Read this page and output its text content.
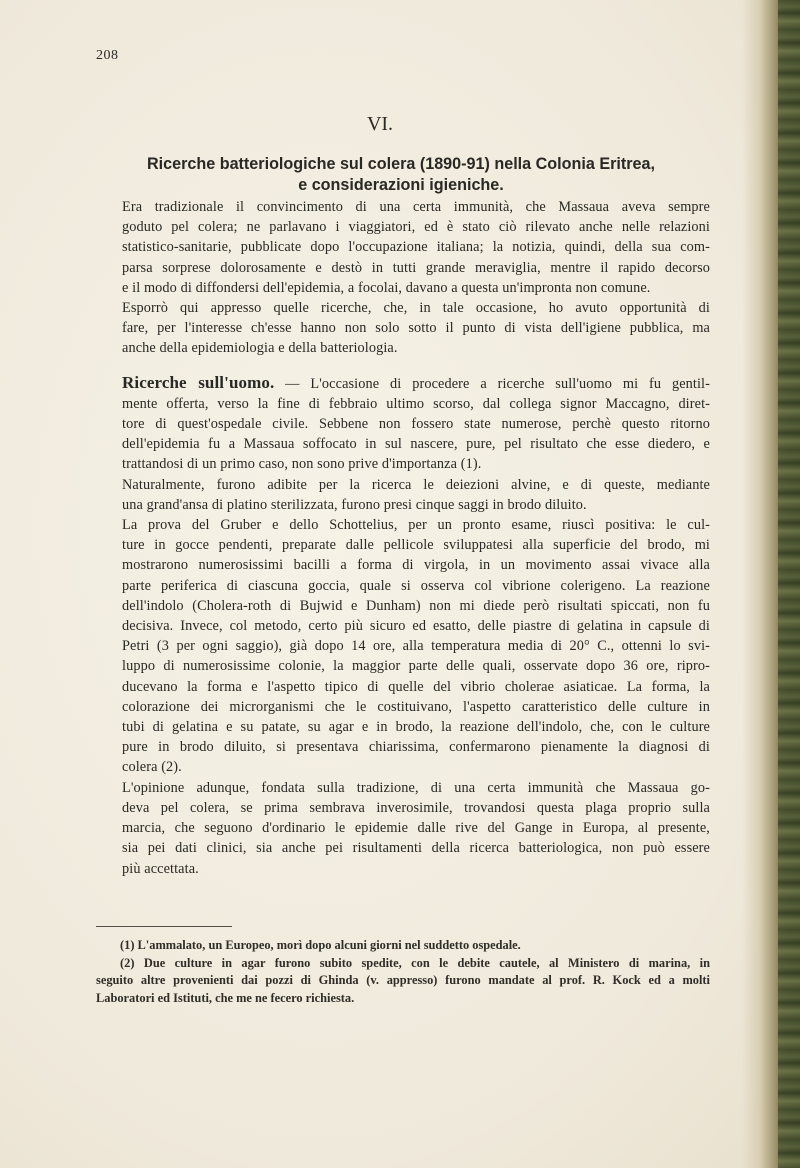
208
VI.
Ricerche batteriologiche sul colera (1890-91) nella Colonia Eritrea,
e considerazioni igieniche.
Era tradizionale il convincimento di una certa immunità, che Massaua aveva sempre
goduto pel colera; ne parlavano i viaggiatori, ed è stato ciò rilevato anche nelle relazioni
statistico-sanitarie, pubblicate dopo l'occupazione italiana; la notizia, quindi, della sua com-
parsa sorprese dolorosamente e destò in tutti grande meraviglia, mentre il rapido decorso
e il modo di diffondersi dell'epidemia, a focolai, davano a questa un'impronta non comune.
Esporrò qui appresso quelle ricerche, che, in tale occasione, ho avuto opportunità di
fare, per l'interesse ch'esse hanno non solo sotto il punto di vista dell'igiene pubblica, ma
anche della epidemiologia e della batteriologia.
Ricerche sull'uomo. — L'occasione di procedere a ricerche sull'uomo mi fu gentil-
mente offerta, verso la fine di febbraio ultimo scorso, dal collega signor Maccagno, diret-
tore di quest'ospedale civile. Sebbene non fossero state numerose, perchè questo ritorno
dell'epidemia fu a Massaua soffocato in sul nascere, pure, pel risultato che esse diedero, e
trattandosi di un primo caso, non sono prive d'importanza (1).
Naturalmente, furono adibite per la ricerca le deiezioni alvine, e di queste, mediante
una grand'ansa di platino sterilizzata, furono presi cinque saggi in brodo diluito.
La prova del Gruber e dello Schottelius, per un pronto esame, riuscì positiva: le cul-
ture in gocce pendenti, preparate dalle pellicole sviluppatesi alla superficie del brodo, mi
mostrarono numerosissimi bacilli a forma di virgola, in un movimento assai vivace alla
parte periferica di ciascuna goccia, quale si osserva col vibrione colerigeno. La reazione
dell'indolo (Cholera-roth di Bujwid e Dunham) non mi diede però risultati spiccati, non fu
decisiva. Invece, col metodo, certo più sicuro ed esatto, delle piastre di gelatina in capsule di
Petri (3 per ogni saggio), già dopo 14 ore, alla temperatura media di 20° C., ottenni lo svi-
luppo di numerosissime colonie, la maggior parte delle quali, osservate dopo 36 ore, ripro-
ducevano la forma e l'aspetto tipico di quelle del vibrio cholerae asiaticae. La forma, la
colorazione dei microrganismi che le costituivano, l'aspetto caratteristico delle culture in
tubi di gelatina e su patate, su agar e in brodo, la reazione dell'indolo, che, con le culture
pure in brodo diluito, si presentava chiarissima, confermarono pienamente la diagnosi di
colera (2).
L'opinione adunque, fondata sulla tradizione, di una certa immunità che Massaua go-
deva pel colera, se prima sembrava inverosimile, trovandosi questa plaga proprio sulla
marcia, che seguono d'ordinario le epidemie dalle rive del Gange in Europa, al presente,
sia pei dati clinici, sia anche pei risultamenti della ricerca batteriologica, non può essere
più accettata.
(1) L'ammalato, un Europeo, morì dopo alcuni giorni nel suddetto ospedale.
(2) Due culture in agar furono subito spedite, con le debite cautele, al Ministero di marina, in
seguito altre provenienti dai pozzi di Ghinda (v. appresso) furono mandate al prof. R. Kock ed a molti
Laboratori ed Istituti, che me ne fecero richiesta.
